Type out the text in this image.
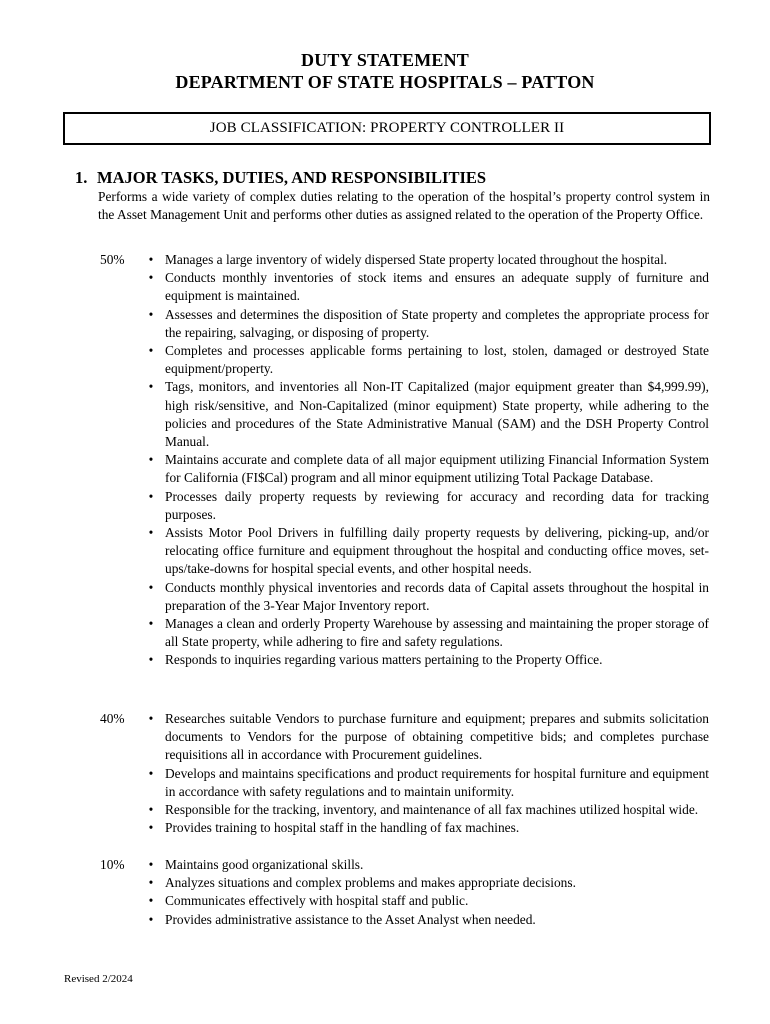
DUTY STATEMENT
DEPARTMENT OF STATE HOSPITALS – PATTON
JOB CLASSIFICATION: PROPERTY CONTROLLER II
1. MAJOR TASKS, DUTIES, AND RESPONSIBILITIES
Performs a wide variety of complex duties relating to the operation of the hospital’s property control system in the Asset Management Unit and performs other duties as assigned related to the operation of the Property Office.
50% • Manages a large inventory of widely dispersed State property located throughout the hospital.
• Conducts monthly inventories of stock items and ensures an adequate supply of furniture and equipment is maintained.
• Assesses and determines the disposition of State property and completes the appropriate process for the repairing, salvaging, or disposing of property.
• Completes and processes applicable forms pertaining to lost, stolen, damaged or destroyed State equipment/property.
• Tags, monitors, and inventories all Non-IT Capitalized (major equipment greater than $4,999.99), high risk/sensitive, and Non-Capitalized (minor equipment) State property, while adhering to the policies and procedures of the State Administrative Manual (SAM) and the DSH Property Control Manual.
• Maintains accurate and complete data of all major equipment utilizing Financial Information System for California (FI$Cal) program and all minor equipment utilizing Total Package Database.
• Processes daily property requests by reviewing for accuracy and recording data for tracking purposes.
• Assists Motor Pool Drivers in fulfilling daily property requests by delivering, picking-up, and/or relocating office furniture and equipment throughout the hospital and conducting office moves, set-ups/take-downs for hospital special events, and other hospital needs.
• Conducts monthly physical inventories and records data of Capital assets throughout the hospital in preparation of the 3-Year Major Inventory report.
• Manages a clean and orderly Property Warehouse by assessing and maintaining the proper storage of all State property, while adhering to fire and safety regulations.
• Responds to inquiries regarding various matters pertaining to the Property Office.
40% • Researches suitable Vendors to purchase furniture and equipment; prepares and submits solicitation documents to Vendors for the purpose of obtaining competitive bids; and completes purchase requisitions all in accordance with Procurement guidelines.
• Develops and maintains specifications and product requirements for hospital furniture and equipment in accordance with safety regulations and to maintain uniformity.
• Responsible for the tracking, inventory, and maintenance of all fax machines utilized hospital wide.
• Provides training to hospital staff in the handling of fax machines.
10% • Maintains good organizational skills.
• Analyzes situations and complex problems and makes appropriate decisions.
• Communicates effectively with hospital staff and public.
• Provides administrative assistance to the Asset Analyst when needed.
Revised 2/2024
